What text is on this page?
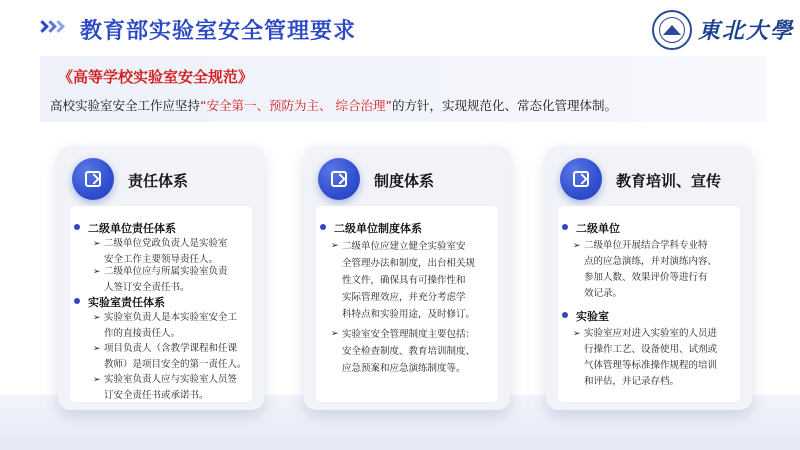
教育部实验室安全管理要求	東北大學
《高等学校实验室安全规范》
高校实验室安全工作应坚持“安全第一、预防为主、 综合治理”的方针，实现规范化、常态化管理体制。
责任体系
二级单位责任体系
➢ 二级单位党政负责人是实验室
安全工作主要领导责任人。
➢ 二级单位应与所属实验室负责
人签订安全责任书。
实验室责任体系
➢ 实验室负责人是本实验室安全工
作的直接责任人。
➢ 项目负责人（含教学课程和任课
教师）是项目安全的第一责任人。
➢ 实验室负责人应与实验室人员签
订安全责任书或承诺书。
制度体系
二级单位制度体系
➢ 二级单位应建立健全实验室安
全管理办法和制度，出台相关规
性文件，确保具有可操作性和
实际管理效应，并充分考虑学
科特点和实验用途，及时修订。
➢ 实验室安全管理制度主要包括：
安全检查制度、教育培训制度、
应急预案和应急演练制度等。
教育培训、宣传
二级单位
➢ 二级单位开展结合学科专业特
点的应急演练，并对演练内容、
参加人数、效果评价等进行有
效记录。
实验室
➢ 实验室应对进入实验室的人员进
行操作工艺、设备使用、试剂或
气体管理等标准操作规程的培训
和评估，并记录存档。
